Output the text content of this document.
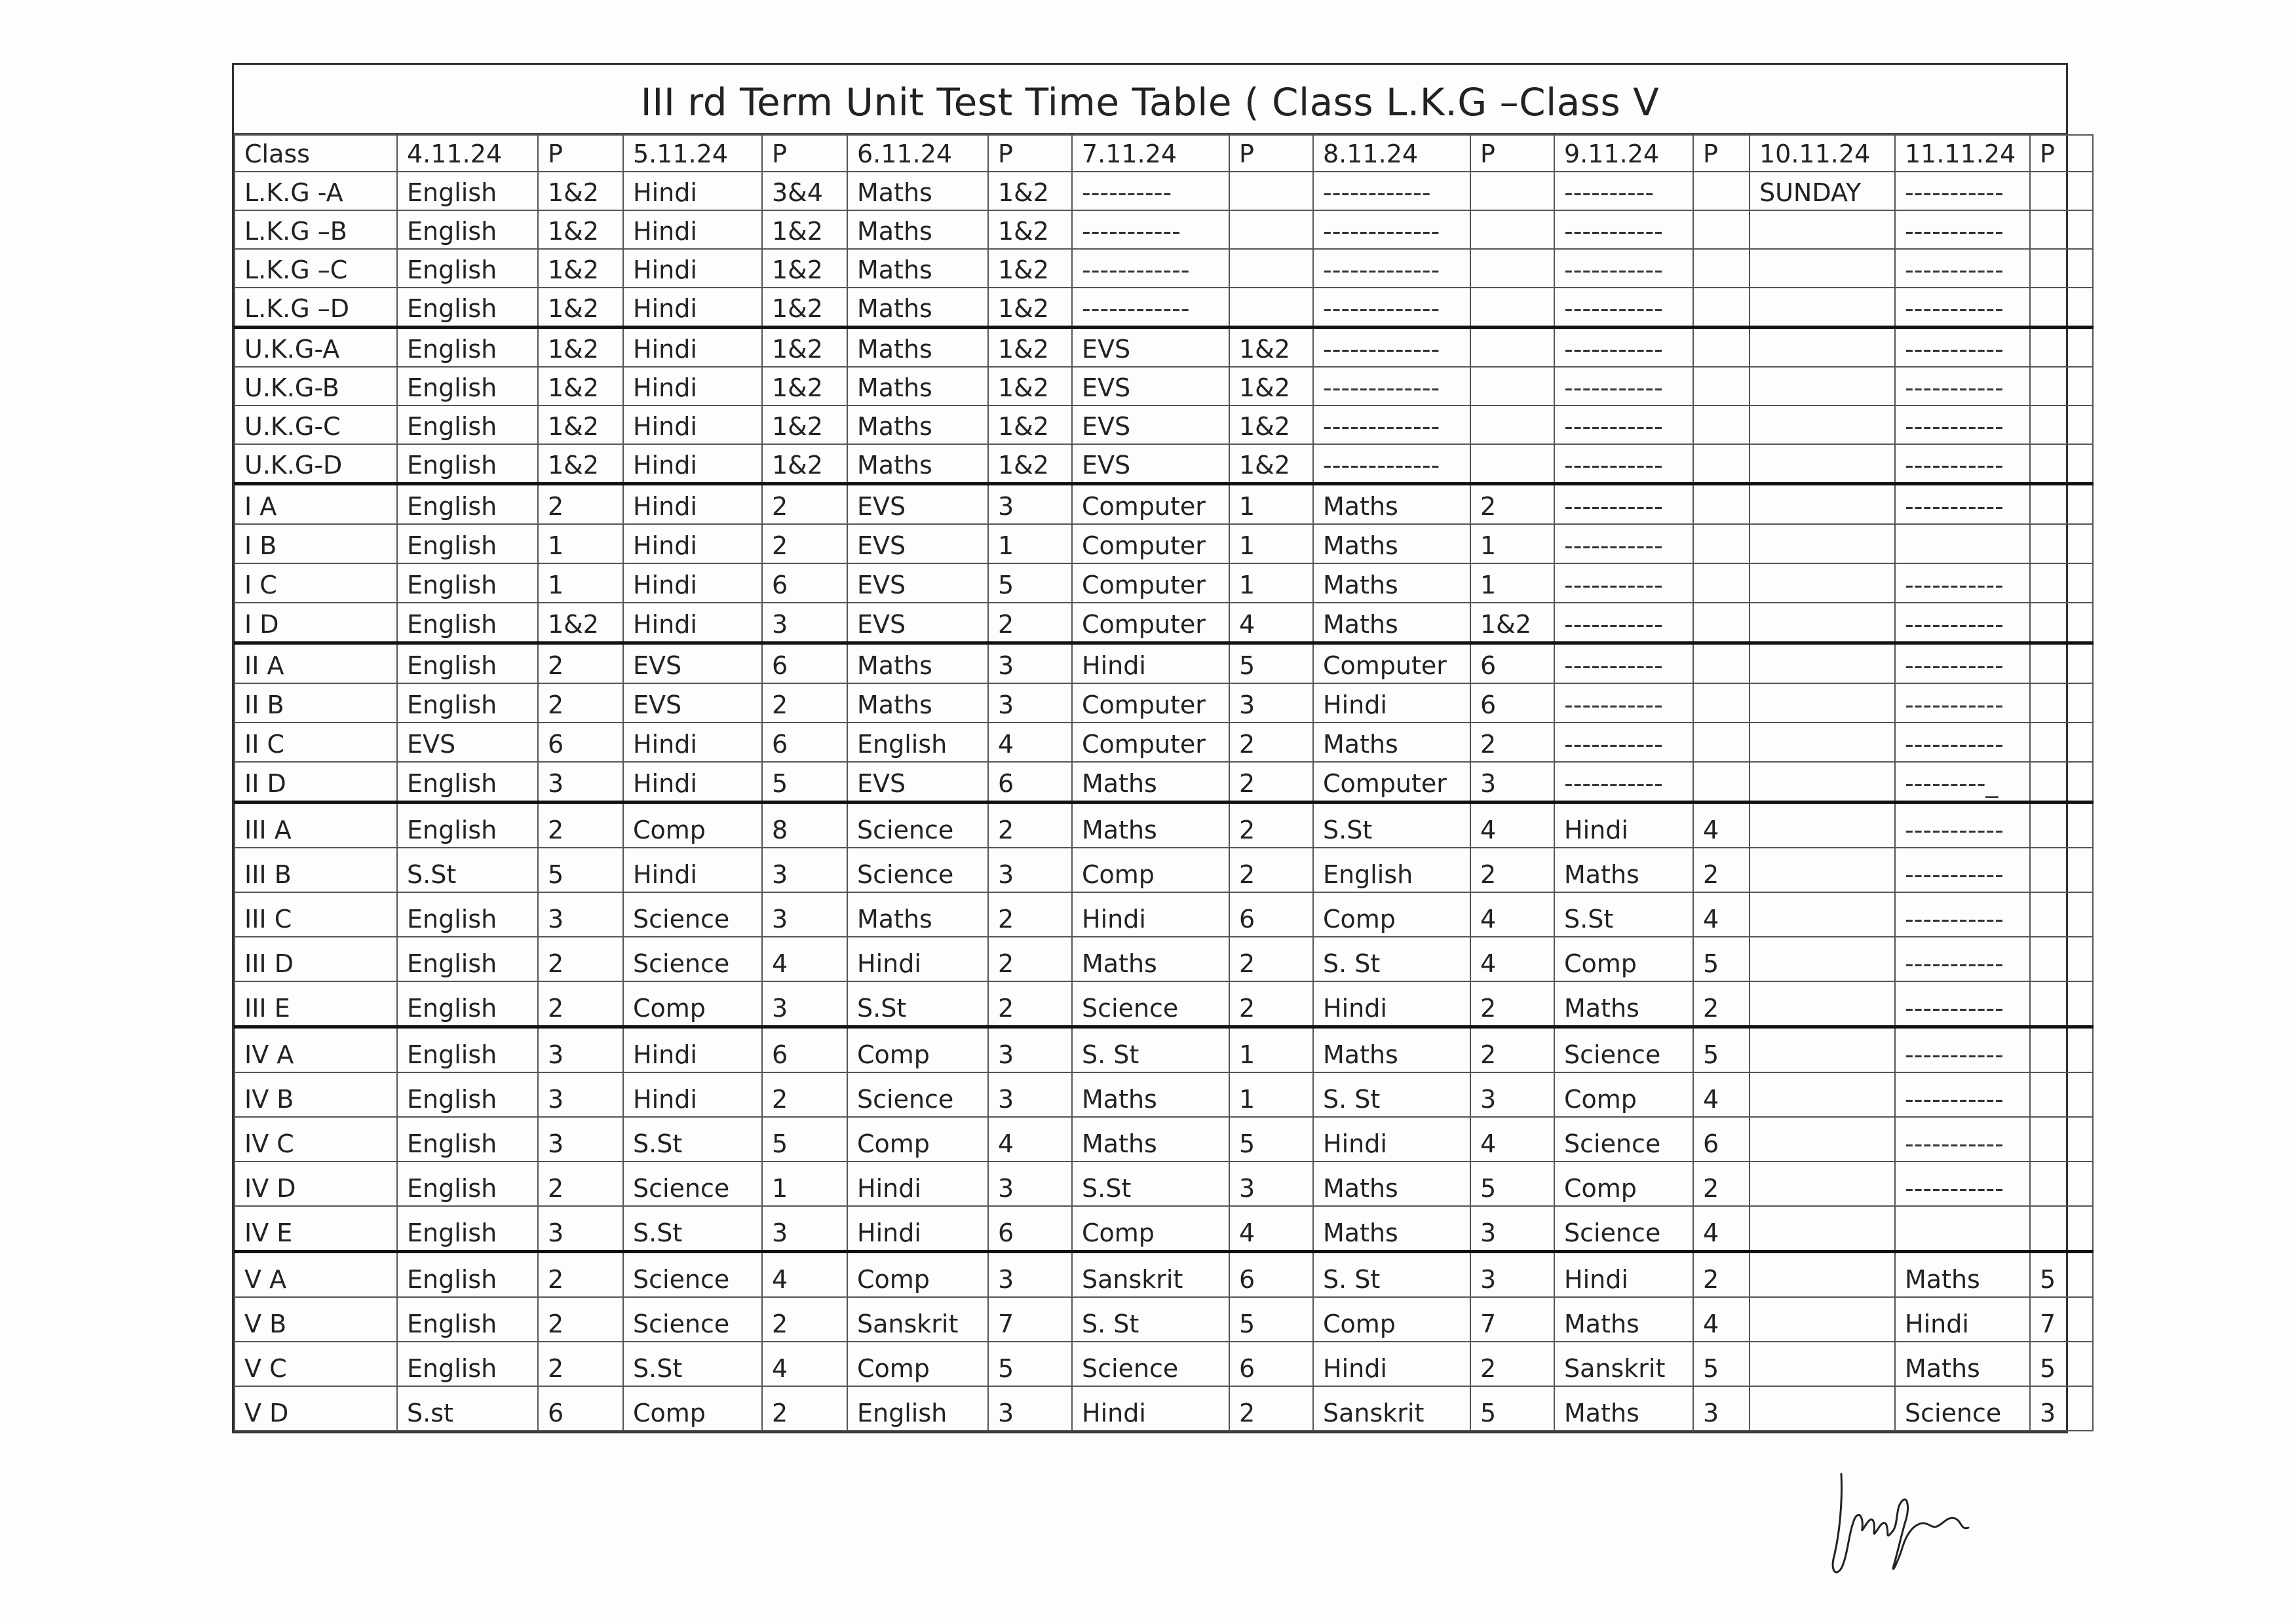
III rd Term Unit Test Time Table ( Class L.K.G –Class V
Class	4.11.24	P	5.11.24	P	6.11.24	P	7.11.24	P	8.11.24	P	9.11.24	P	10.11.24	11.11.24	P
L.K.G -A	English	1&2	Hindi	3&4	Maths	1&2	----------		------------		----------		SUNDAY	-----------	
L.K.G –B	English	1&2	Hindi	1&2	Maths	1&2	-----------		-------------		-----------			-----------	
L.K.G –C	English	1&2	Hindi	1&2	Maths	1&2	------------		-------------		-----------			-----------	
L.K.G –D	English	1&2	Hindi	1&2	Maths	1&2	------------		-------------		-----------			-----------	
U.K.G-A	English	1&2	Hindi	1&2	Maths	1&2	EVS	1&2	-------------		-----------			-----------	
U.K.G-B	English	1&2	Hindi	1&2	Maths	1&2	EVS	1&2	-------------		-----------			-----------	
U.K.G-C	English	1&2	Hindi	1&2	Maths	1&2	EVS	1&2	-------------		-----------			-----------	
U.K.G-D	English	1&2	Hindi	1&2	Maths	1&2	EVS	1&2	-------------		-----------			-----------	
I A	English	2	Hindi	2	EVS	3	Computer	1	Maths	2	-----------			-----------	
I B	English	1	Hindi	2	EVS	1	Computer	1	Maths	1	-----------				
I C	English	1	Hindi	6	EVS	5	Computer	1	Maths	1	-----------			-----------	
I D	English	1&2	Hindi	3	EVS	2	Computer	4	Maths	1&2	-----------			-----------	
II A	English	2	EVS	6	Maths	3	Hindi	5	Computer	6	-----------			-----------	
II B	English	2	EVS	2	Maths	3	Computer	3	Hindi	6	-----------			-----------	
II C	EVS	6	Hindi	6	English	4	Computer	2	Maths	2	-----------			-----------	
II D	English	3	Hindi	5	EVS	6	Maths	2	Computer	3	-----------			---------_	
III A	English	2	Comp	8	Science	2	Maths	2	S.St	4	Hindi	4		-----------	
III B	S.St	5	Hindi	3	Science	3	Comp	2	English	2	Maths	2		-----------	
III C	English	3	Science	3	Maths	2	Hindi	6	Comp	4	S.St	4		-----------	
III D	English	2	Science	4	Hindi	2	Maths	2	S. St	4	Comp	5		-----------	
III E	English	2	Comp	3	S.St	2	Science	2	Hindi	2	Maths	2		-----------	
IV A	English	3	Hindi	6	Comp	3	S. St	1	Maths	2	Science	5		-----------	
IV B	English	3	Hindi	2	Science	3	Maths	1	S. St	3	Comp	4		-----------	
IV C	English	3	S.St	5	Comp	4	Maths	5	Hindi	4	Science	6		-----------	
IV D	English	2	Science	1	Hindi	3	S.St	3	Maths	5	Comp	2		-----------	
IV E	English	3	S.St	3	Hindi	6	Comp	4	Maths	3	Science	4			
V A	English	2	Science	4	Comp	3	Sanskrit	6	S. St	3	Hindi	2		Maths	5
V B	English	2	Science	2	Sanskrit	7	S. St	5	Comp	7	Maths	4		Hindi	7
V C	English	2	S.St	4	Comp	5	Science	6	Hindi	2	Sanskrit	5		Maths	5
V D	S.st	6	Comp	2	English	3	Hindi	2	Sanskrit	5	Maths	3		Science	3
